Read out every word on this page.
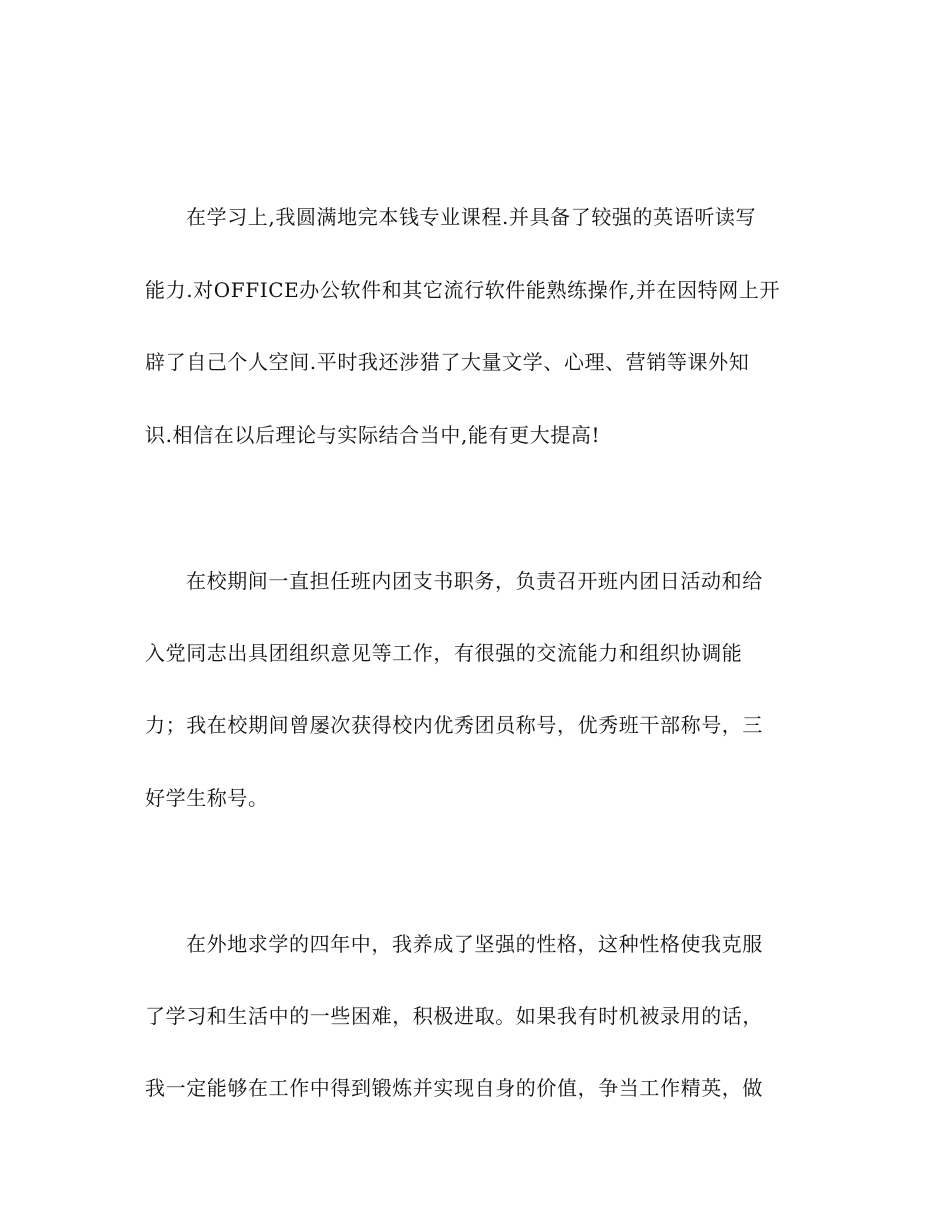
在学习上,我圆满地完本钱专业课程.并具备了较强的英语听读写
能力.对OFFICE办公软件和其它流行软件能熟练操作,并在因特网上开
辟了自己个人空间.平时我还涉猎了大量文学、心理、营销等课外知
识.相信在以后理论与实际结合当中,能有更大提高!
在校期间一直担任班内团支书职务，负责召开班内团日活动和给
入党同志出具团组织意见等工作，有很强的交流能力和组织协调能
力；我在校期间曾屡次获得校内优秀团员称号，优秀班干部称号，三
好学生称号。
在外地求学的四年中，我养成了坚强的性格，这种性格使我克服
了学习和生活中的一些困难，积极进取。如果我有时机被录用的话，
我一定能够在工作中得到锻炼并实现自身的价值，争当工作精英，做
